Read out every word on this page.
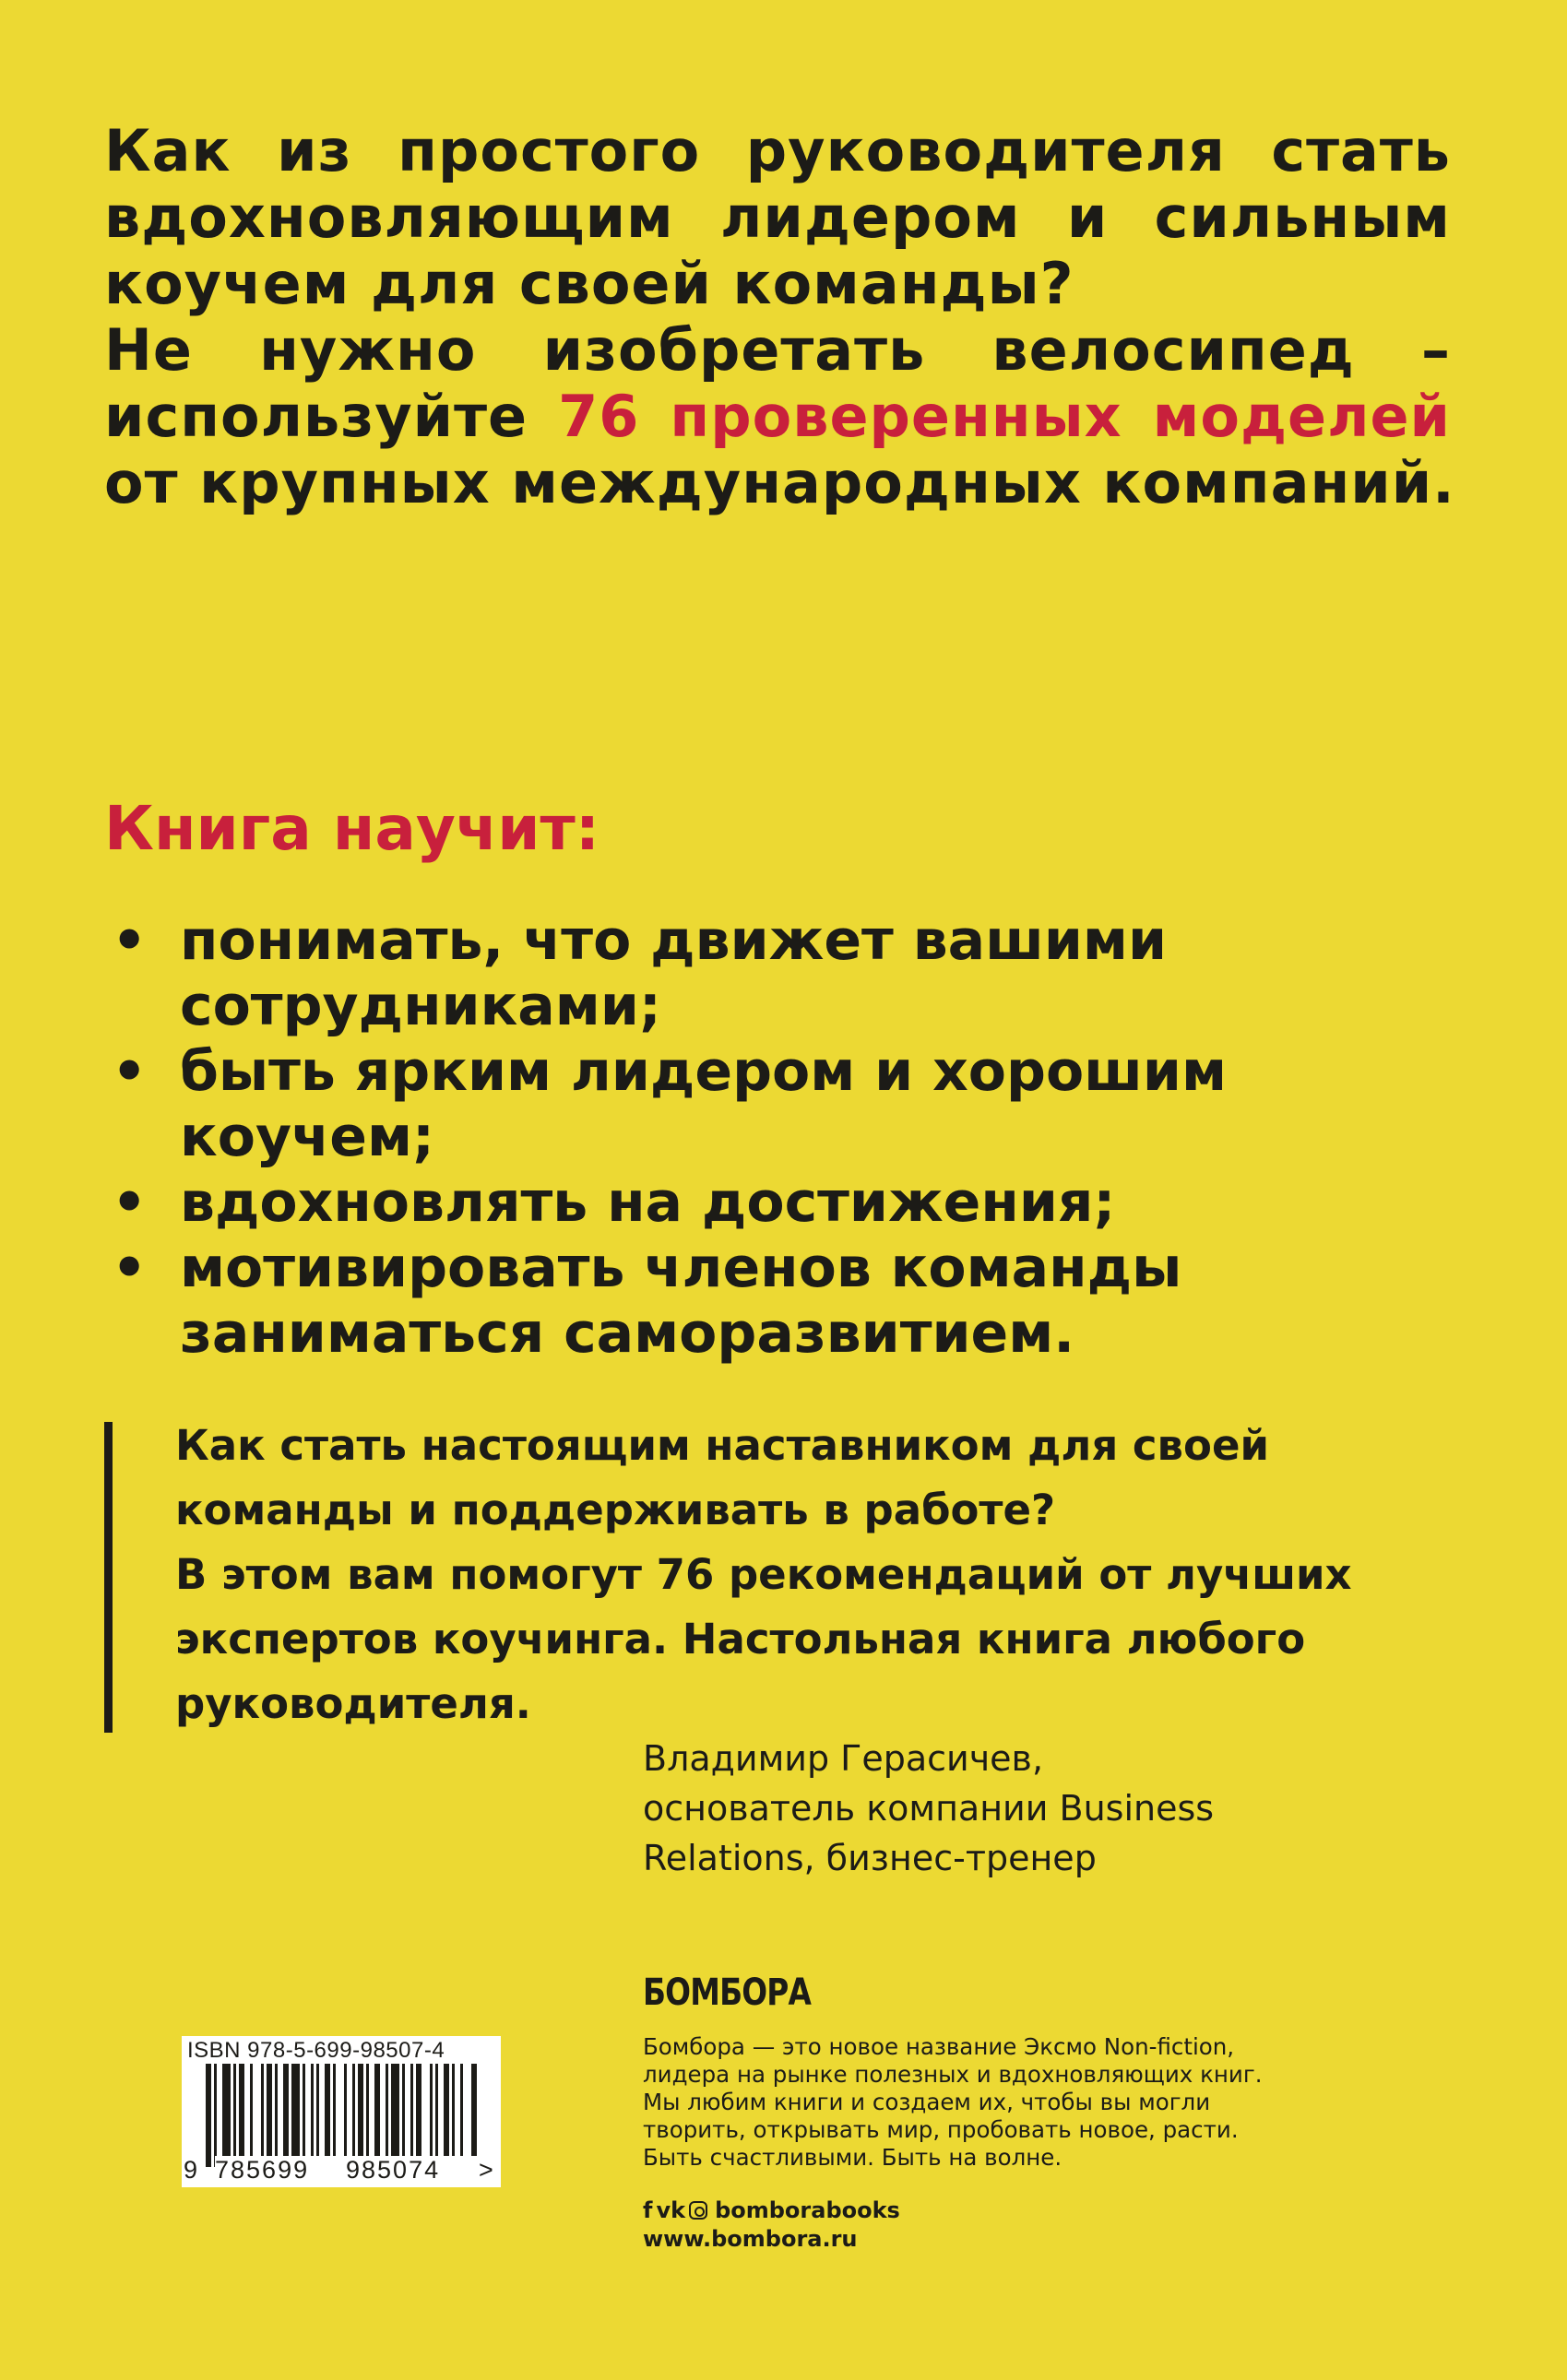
Как из простого руководителя стать
вдохновляющим лидером и сильным
коучем для своей команды?
Не нужно изобретать велосипед –
используйте 76 проверенных моделей
от крупных международных компаний.
Книга научит:
• понимать, что движет вашими
сотрудниками;
• быть ярким лидером и хорошим коучем;
• вдохновлять на достижения;
• мотивировать членов команды
заниматься саморазвитием.
Как стать настоящим наставником для своей
команды и поддерживать в работе?
В этом вам помогут 76 рекомендаций от лучших
экспертов коучинга. Настольная книга любого
руководителя.
Владимир Герасичев,
основатель компании Business
Relations, бизнес-тренер
БОМБОРА
Бомбора — это новое название Эксмо Non-fiction,
лидера на рынке полезных и вдохновляющих книг.
Мы любим книги и создаем их, чтобы вы могли
творить, открывать мир, пробовать новое, расти.
Быть счастливыми. Быть на волне.
f vk bomborabooks
www.bombora.ru
ISBN 978-5-699-98507-4
9 785699 985074 >
